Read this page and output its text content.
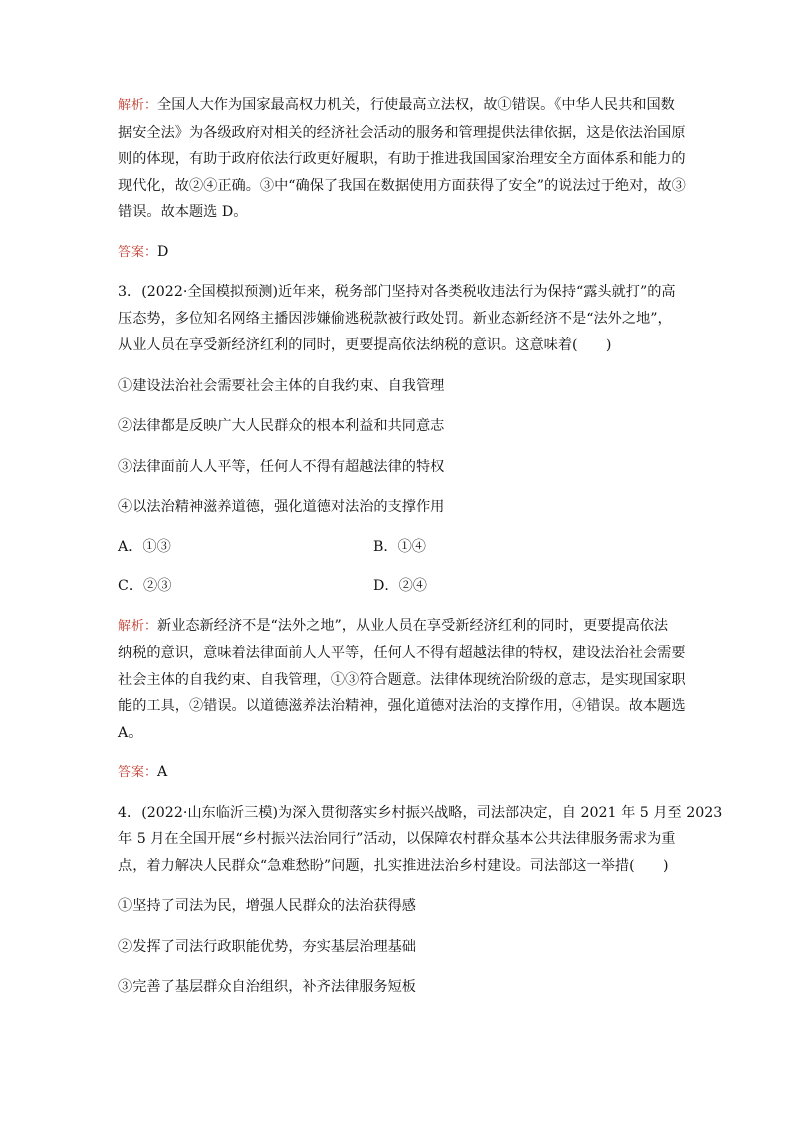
解析：全国人大作为国家最高权力机关，行使最高立法权，故①错误。《中华人民共和国数
据安全法》为各级政府对相关的经济社会活动的服务和管理提供法律依据，这是依法治国原
则的体现，有助于政府依法行政更好履职，有助于推进我国国家治理安全方面体系和能力的
现代化，故②④正确。③中“确保了我国在数据使用方面获得了安全”的说法过于绝对，故③
错误。故本题选 D。

答案：D

3．(2022·全国模拟预测)近年来，税务部门坚持对各类税收违法行为保持“露头就打”的高
压态势，多位知名网络主播因涉嫌偷逃税款被行政处罚。新业态新经济不是“法外之地”，
从业人员在享受新经济红利的同时，更要提高依法纳税的意识。这意味着(　　)

①建设法治社会需要社会主体的自我约束、自我管理

②法律都是反映广大人民群众的根本利益和共同意志

③法律面前人人平等，任何人不得有超越法律的特权

④以法治精神滋养道德，强化道德对法治的支撑作用

A．①③	B．①④
C．②③	D．②④

解析：新业态新经济不是“法外之地”，从业人员在享受新经济红利的同时，更要提高依法
纳税的意识，意味着法律面前人人平等，任何人不得有超越法律的特权，建设法治社会需要
社会主体的自我约束、自我管理，①③符合题意。法律体现统治阶级的意志，是实现国家职
能的工具，②错误。以道德滋养法治精神，强化道德对法治的支撑作用，④错误。故本题选
A。

答案：A

4．(2022·山东临沂三模)为深入贯彻落实乡村振兴战略，司法部决定，自 2021 年 5 月至 2023
年 5 月在全国开展“乡村振兴法治同行”活动，以保障农村群众基本公共法律服务需求为重
点，着力解决人民群众“急难愁盼”问题，扎实推进法治乡村建设。司法部这一举措(　　)

①坚持了司法为民，增强人民群众的法治获得感

②发挥了司法行政职能优势，夯实基层治理基础

③完善了基层群众自治组织，补齐法律服务短板
